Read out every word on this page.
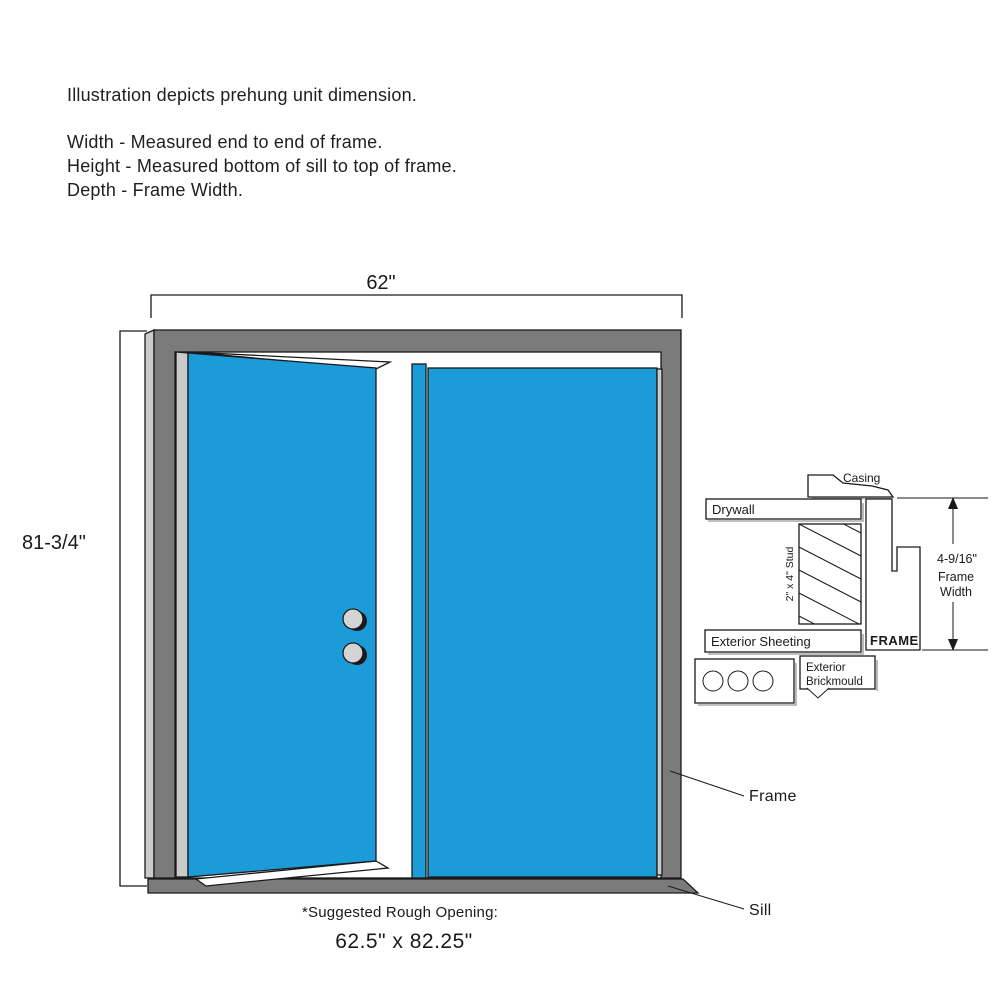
Illustration depicts prehung unit dimension.

Width - Measured end to end of frame.

Height - Measured bottom of sill to top of frame.

Depth - Frame Width.

62"
81-3/4"
Frame
Sill
*Suggested Rough Opening:
62.5" x 82.25"
Casing
Drywall
2" x 4" Stud
Exterior Sheeting	FRAME
4-9/16"
Frame
Width
Exterior
Brickmould
